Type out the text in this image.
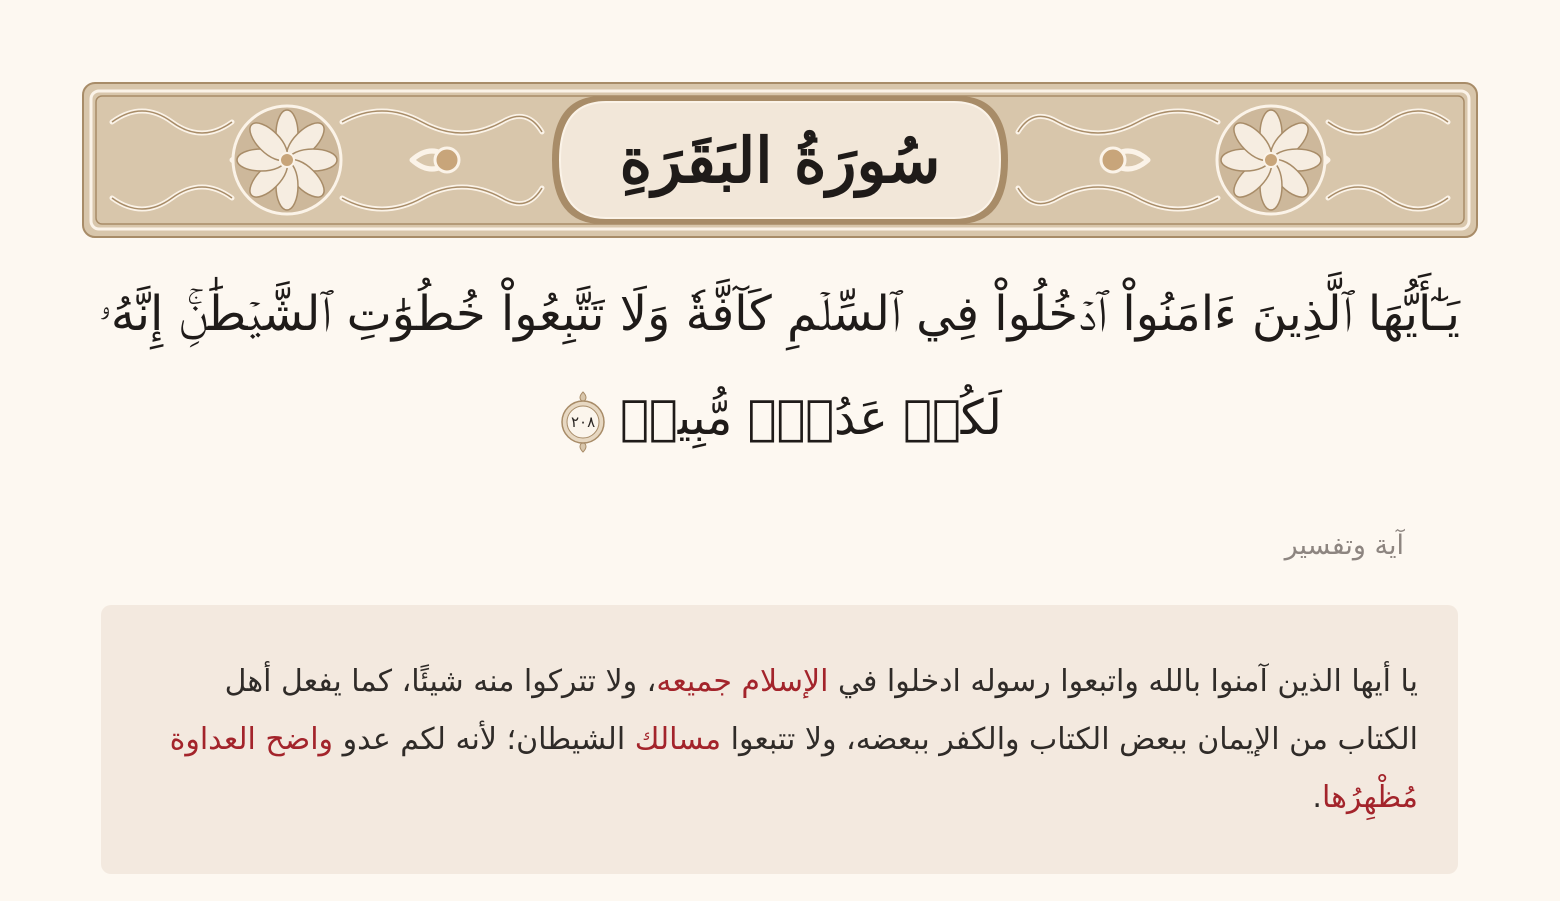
سُورَةُ البَقَرَةِ
يَـٰٓأَيُّهَا ٱلَّذِينَ ءَامَنُواْ ٱدۡخُلُواْ فِي ٱلسِّلۡمِ كَآفَّةٗ وَلَا تَتَّبِعُواْ خُطُوَٰتِ ٱلشَّيۡطَٰنِۚ إِنَّهُۥ
لَكُمۡ عَدُوّٞ مُّبِينٞ
٢٠٨
آية وتفسير
يا أيها الذين آمنوا بالله واتبعوا رسوله ادخلوا في الإسلام جميعه، ولا تتركوا منه شيئًا، كما يفعل أهل الكتاب من الإيمان ببعض الكتاب والكفر ببعضه، ولا تتبعوا مسالك الشيطان؛ لأنه لكم عدو واضح العداوة مُظْهِرُها.
